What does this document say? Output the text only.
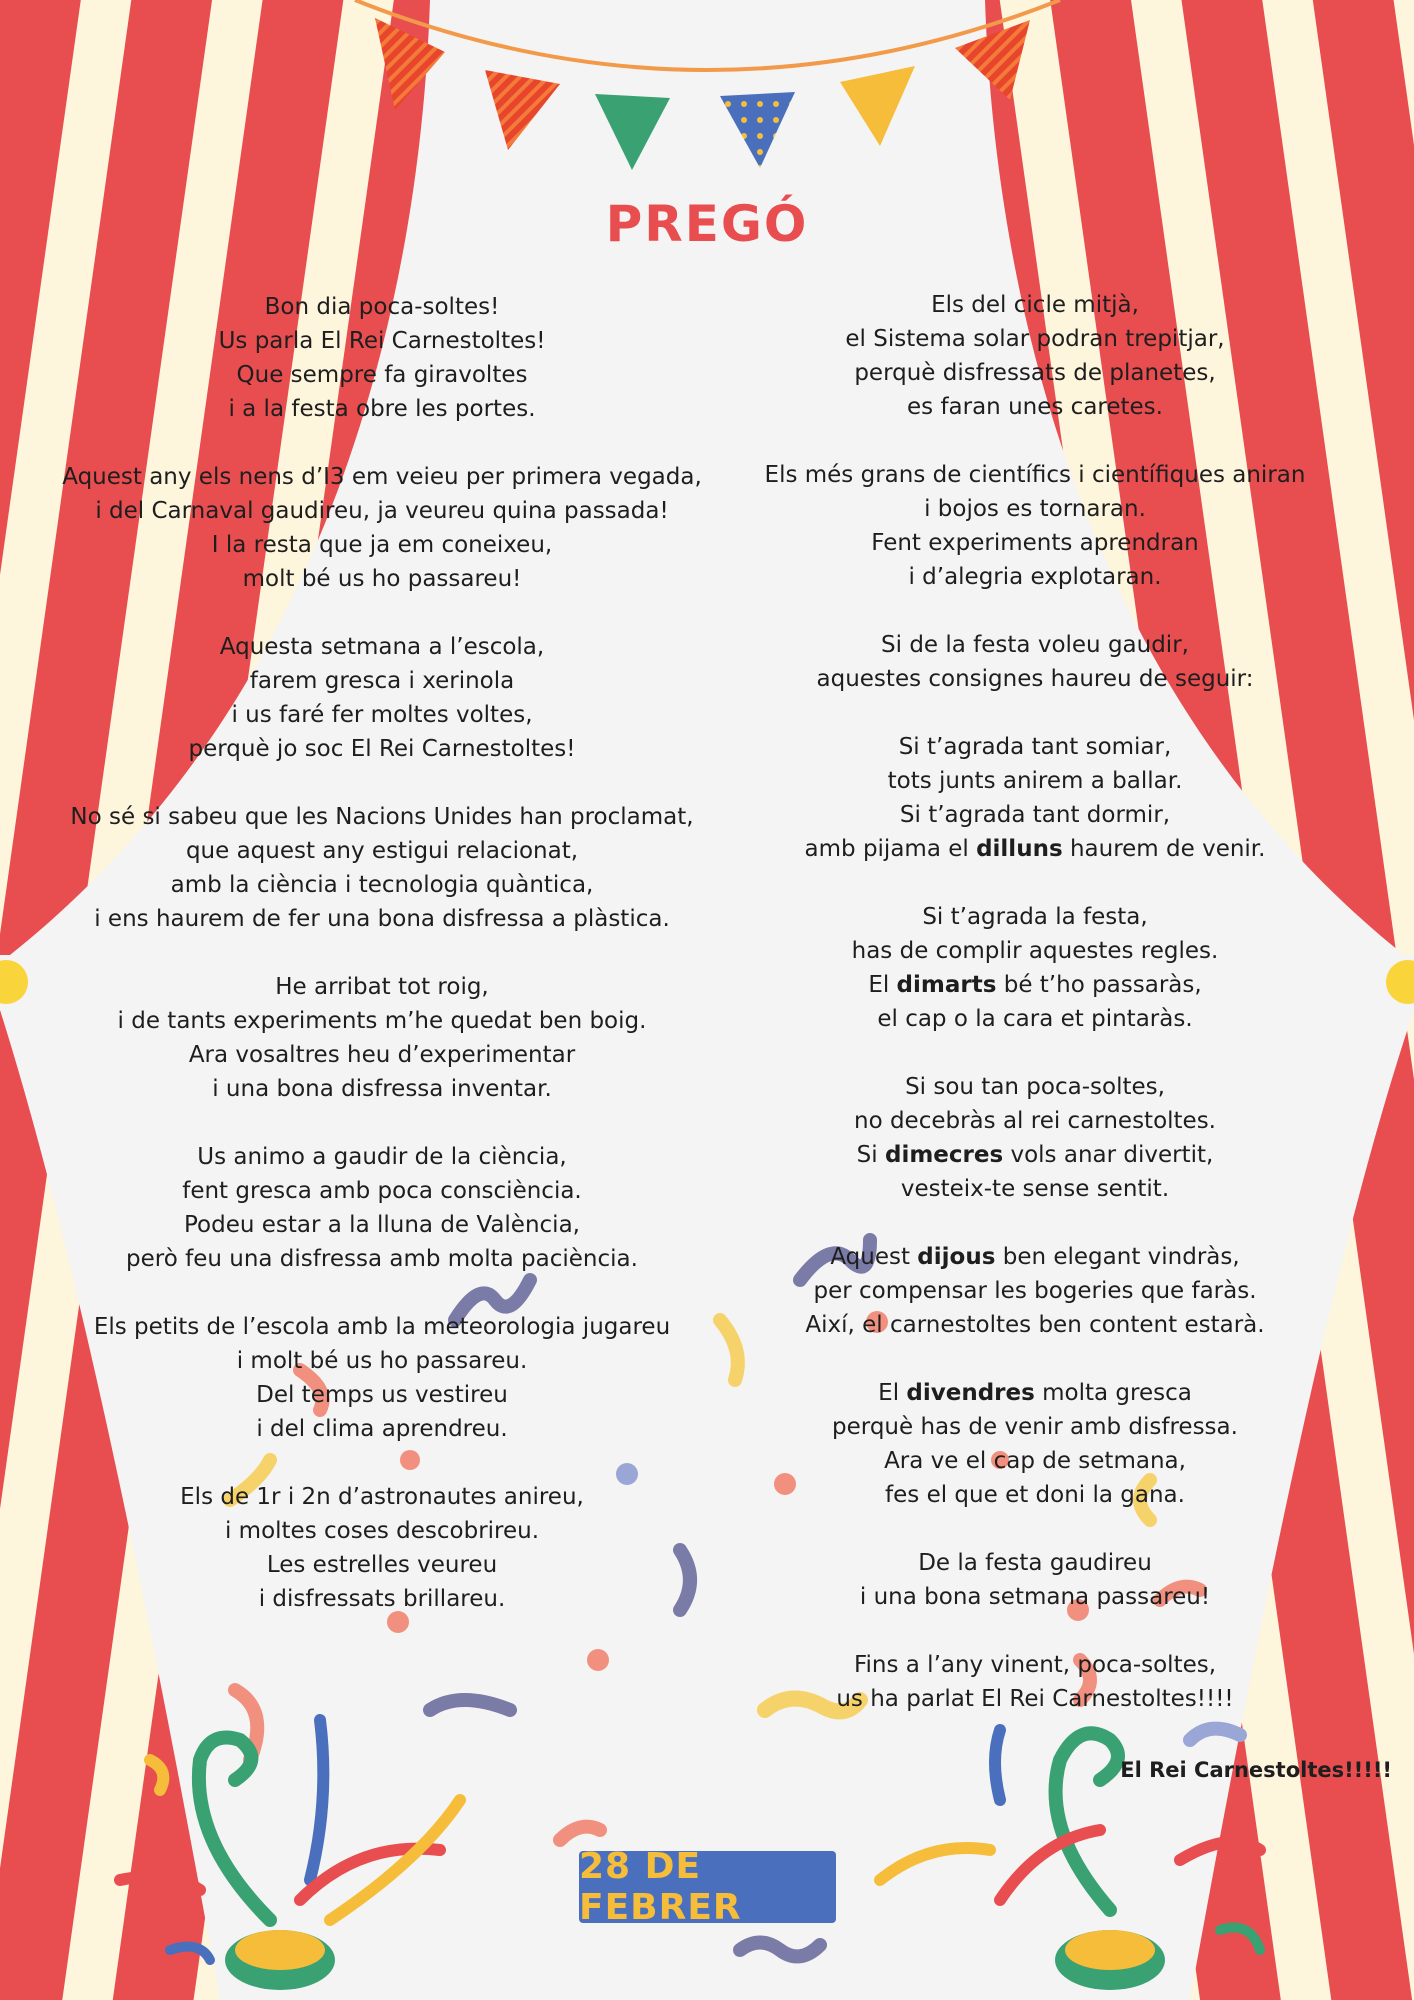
PREGÓ
Bon dia poca-soltes!
Us parla El Rei Carnestoltes!
Que sempre fa giravoltes
i a la festa obre les portes.
Aquest any els nens d’I3 em veieu per primera vegada,
i del Carnaval gaudireu, ja veureu quina passada!
I la resta que ja em coneixeu,
molt bé us ho passareu!
Aquesta setmana a l’escola,
farem gresca i xerinola
i us faré fer moltes voltes,
perquè jo soc El Rei Carnestoltes!
No sé si sabeu que les Nacions Unides han proclamat,
que aquest any estigui relacionat,
amb la ciència i tecnologia quàntica,
i ens haurem de fer una bona disfressa a plàstica.
He arribat tot roig,
i de tants experiments m’he quedat ben boig.
Ara vosaltres heu d’experimentar
i una bona disfressa inventar.
Us animo a gaudir de la ciència,
fent gresca amb poca consciència.
Podeu estar a la lluna de València,
però feu una disfressa amb molta paciència.
Els petits de l’escola amb la meteorologia jugareu
i molt bé us ho passareu.
Del temps us vestireu
i del clima aprendreu.
Els de 1r i 2n d’astronautes anireu,
i moltes coses descobrireu.
Les estrelles veureu
i disfressats brillareu.
Els del cicle mitjà,
el Sistema solar podran trepitjar,
perquè disfressats de planetes,
es faran unes caretes.
Els més grans de científics i científiques aniran
i bojos es tornaran.
Fent experiments aprendran
i d’alegria explotaran.
Si de la festa voleu gaudir,
aquestes consignes haureu de seguir:
Si t’agrada tant somiar,
tots junts anirem a ballar.
Si t’agrada tant dormir,
amb pijama el dilluns haurem de venir.
Si t’agrada la festa,
has de complir aquestes regles.
El dimarts bé t’ho passaràs,
el cap o la cara et pintaràs.
Si sou tan poca-soltes,
no decebràs al rei carnestoltes.
Si dimecres vols anar divertit,
vesteix-te sense sentit.
Aquest dijous ben elegant vindràs,
per compensar les bogeries que faràs.
Així, el carnestoltes ben content estarà.
El divendres molta gresca
perquè has de venir amb disfressa.
Ara ve el cap de setmana,
fes el que et doni la gana.
De la festa gaudireu
i una bona setmana passareu!
Fins a l’any vinent, poca-soltes,
us ha parlat El Rei Carnestoltes!!!!
El Rei Carnestoltes!!!!!
28 DE FEBRER
